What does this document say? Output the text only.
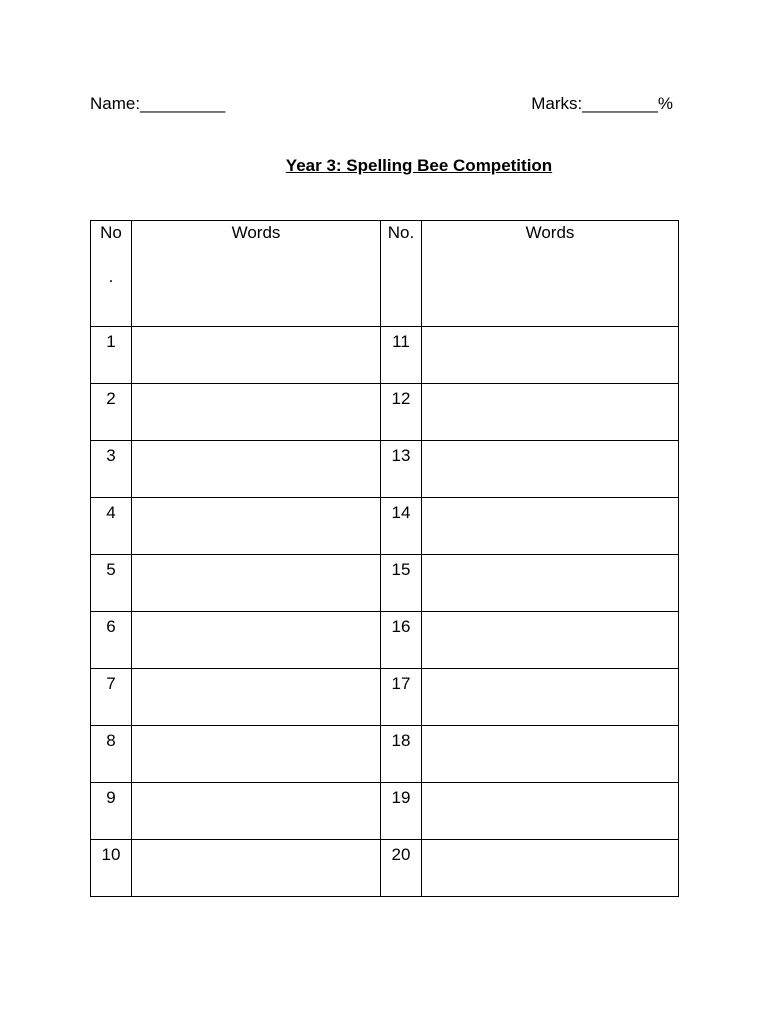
Name:_________	Marks:________%
Year 3: Spelling Bee Competition
No

.	Words	No.	Words
1		11	
2		12	
3		13	
4		14	
5		15	
6		16	
7		17	
8		18	
9		19	
10		20	
